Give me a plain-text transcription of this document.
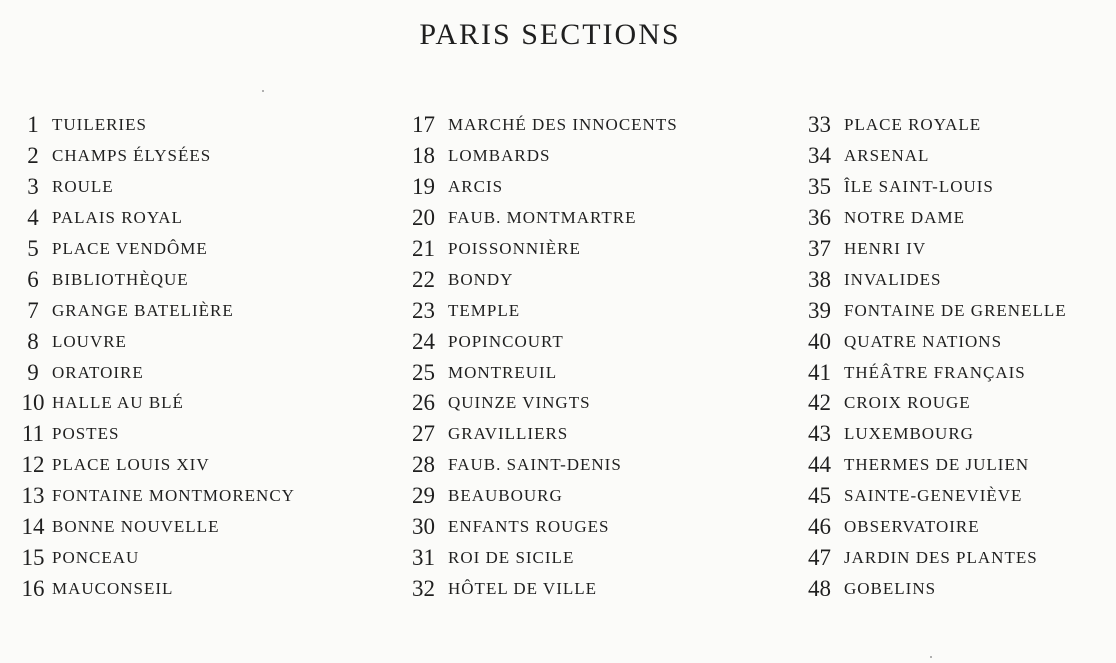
PARIS SECTIONS
1 TUILERIES
2 CHAMPS ÉLYSÉES
3 ROULE
4 PALAIS ROYAL
5 PLACE VENDÔME
6 BIBLIOTHÈQUE
7 GRANGE BATELIÈRE
8 LOUVRE
9 ORATOIRE
10 HALLE AU BLÉ
11 POSTES
12 PLACE LOUIS XIV
13 FONTAINE MONTMORENCY
14 BONNE NOUVELLE
15 PONCEAU
16 MAUCONSEIL
17 MARCHÉ DES INNOCENTS
18 LOMBARDS
19 ARCIS
20 FAUB. MONTMARTRE
21 POISSONNIÈRE
22 BONDY
23 TEMPLE
24 POPINCOURT
25 MONTREUIL
26 QUINZE VINGTS
27 GRAVILLIERS
28 FAUB. SAINT-DENIS
29 BEAUBOURG
30 ENFANTS ROUGES
31 ROI DE SICILE
32 HÔTEL DE VILLE
33 PLACE ROYALE
34 ARSENAL
35 ÎLE SAINT-LOUIS
36 NOTRE DAME
37 HENRI IV
38 INVALIDES
39 FONTAINE DE GRENELLE
40 QUATRE NATIONS
41 THÉÂTRE FRANÇAIS
42 CROIX ROUGE
43 LUXEMBOURG
44 THERMES DE JULIEN
45 SAINTE-GENEVIÈVE
46 OBSERVATOIRE
47 JARDIN DES PLANTES
48 GOBELINS
